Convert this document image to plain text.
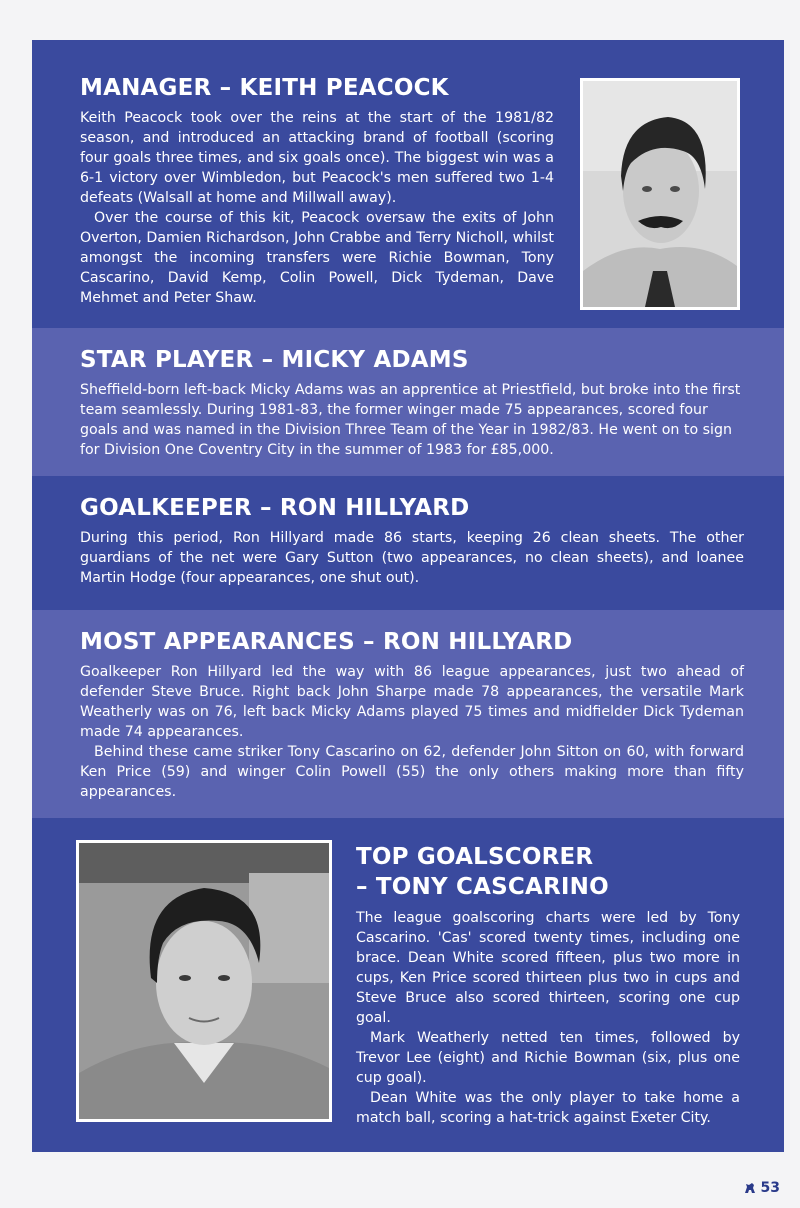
MANAGER – KEITH PEACOCK

Keith Peacock took over the reins at the start of the 1981/82 season, and introduced an attacking brand of football (scoring four goals three times, and six goals once). The biggest win was a 6-1 victory over Wimbledon, but Peacock's men suffered two 1-4 defeats (Walsall at home and Millwall away).

Over the course of this kit, Peacock oversaw the exits of John Overton, Damien Richardson, John Crabbe and Terry Nicholl, whilst amongst the incoming transfers were Richie Bowman, Tony Cascarino, David Kemp, Colin Powell, Dick Tydeman, Dave Mehmet and Peter Shaw.

STAR PLAYER – MICKY ADAMS

Sheffield-born left-back Micky Adams was an apprentice at Priestfield, but broke into the first team seamlessly. During 1981-83, the former winger made 75 appearances, scored four goals and was named in the Division Three Team of the Year in 1982/83. He went on to sign for Division One Coventry City in the summer of 1983 for £85,000.

GOALKEEPER – RON HILLYARD

During this period, Ron Hillyard made 86 starts, keeping 26 clean sheets. The other guardians of the net were Gary Sutton (two appearances, no clean sheets), and loanee Martin Hodge (four appearances, one shut out).

MOST APPEARANCES – RON HILLYARD

Goalkeeper Ron Hillyard led the way with 86 league appearances, just two ahead of defender Steve Bruce. Right back John Sharpe made 78 appearances, the versatile Mark Weatherly was on 76, left back Micky Adams played 75 times and midfielder Dick Tydeman made 74 appearances.

Behind these came striker Tony Cascarino on 62, defender John Sitton on 60, with forward Ken Price (59) and winger Colin Powell (55) the only others making more than fifty appearances.

TOP GOALSCORER
– TONY CASCARINO

The league goalscoring charts were led by Tony Cascarino. 'Cas' scored twenty times, including one brace. Dean White scored fifteen, plus two more in cups, Ken Price scored thirteen plus two in cups and Steve Bruce also scored thirteen, scoring one cup goal.

Mark Weatherly netted ten times, followed by Trevor Lee (eight) and Richie Bowman (six, plus one cup goal).

Dean White was the only player to take home a match ball, scoring a hat-trick against Exeter City.

53
